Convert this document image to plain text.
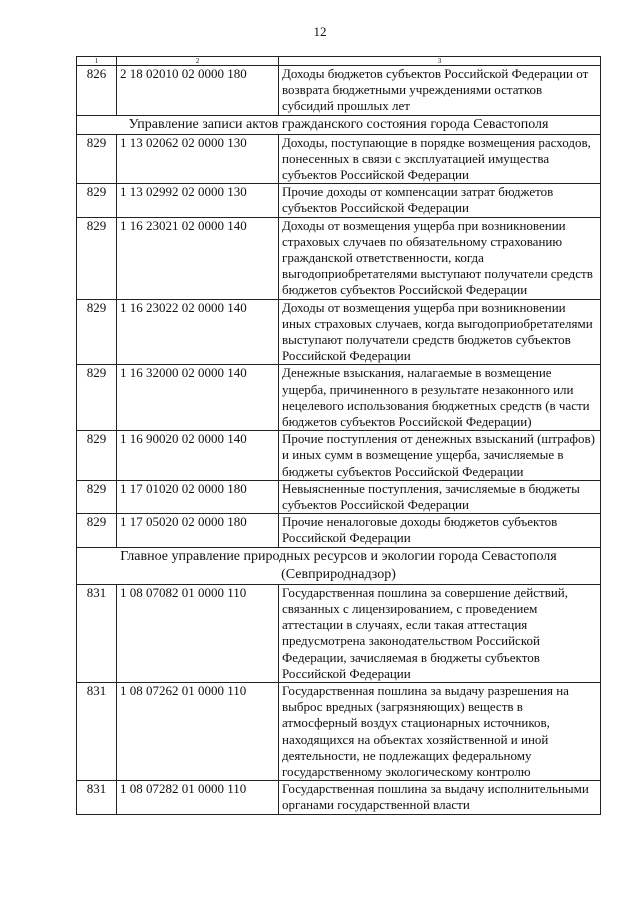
12
1	2	3
826	2 18 02010 02 0000 180	Доходы бюджетов субъектов Российской Федерации от возврата бюджетными учреждениями остатков субсидий прошлых лет
Управление записи актов гражданского состояния города Севастополя		
829	1 13 02062 02 0000 130	Доходы, поступающие в порядке возмещения расходов, понесенных в связи с эксплуатацией имущества субъектов Российской Федерации
829	1 13 02992 02 0000 130	Прочие доходы от компенсации затрат бюджетов субъектов Российской Федерации
829	1 16 23021 02 0000 140	Доходы от возмещения ущерба при возникновении страховых случаев по обязательному страхованию гражданской ответственности, когда выгодоприобретателями выступают получатели средств бюджетов субъектов Российской Федерации
829	1 16 23022 02 0000 140	Доходы от возмещения ущерба при возникновении иных страховых случаев, когда выгодоприобретателями выступают получатели средств бюджетов субъектов Российской Федерации
829	1 16 32000 02 0000 140	Денежные взыскания, налагаемые в возмещение ущерба, причиненного в результате незаконного или нецелевого использования бюджетных средств (в части бюджетов субъектов Российской Федерации)
829	1 16 90020 02 0000 140	Прочие поступления от денежных взысканий (штрафов) и иных сумм в возмещение ущерба, зачисляемые в бюджеты субъектов Российской Федерации
829	1 17 01020 02 0000 180	Невыясненные поступления, зачисляемые в бюджеты субъектов Российской Федерации
829	1 17 05020 02 0000 180	Прочие неналоговые доходы бюджетов субъектов Российской Федерации
Главное управление природных ресурсов и экологии города Севастополя (Севприроднадзор)		
831	1 08 07082 01 0000 110	Государственная пошлина за совершение действий, связанных с лицензированием, с проведением аттестации в случаях, если такая аттестация предусмотрена законодательством Российской Федерации, зачисляемая в бюджеты субъектов Российской Федерации
831	1 08 07262 01 0000 110	Государственная пошлина за выдачу разрешения на выброс вредных (загрязняющих) веществ в атмосферный воздух стационарных источников, находящихся на объектах хозяйственной и иной деятельности, не подлежащих федеральному государственному экологическому контролю
831	1 08 07282 01 0000 110	Государственная пошлина за выдачу исполнительными органами государственной власти
